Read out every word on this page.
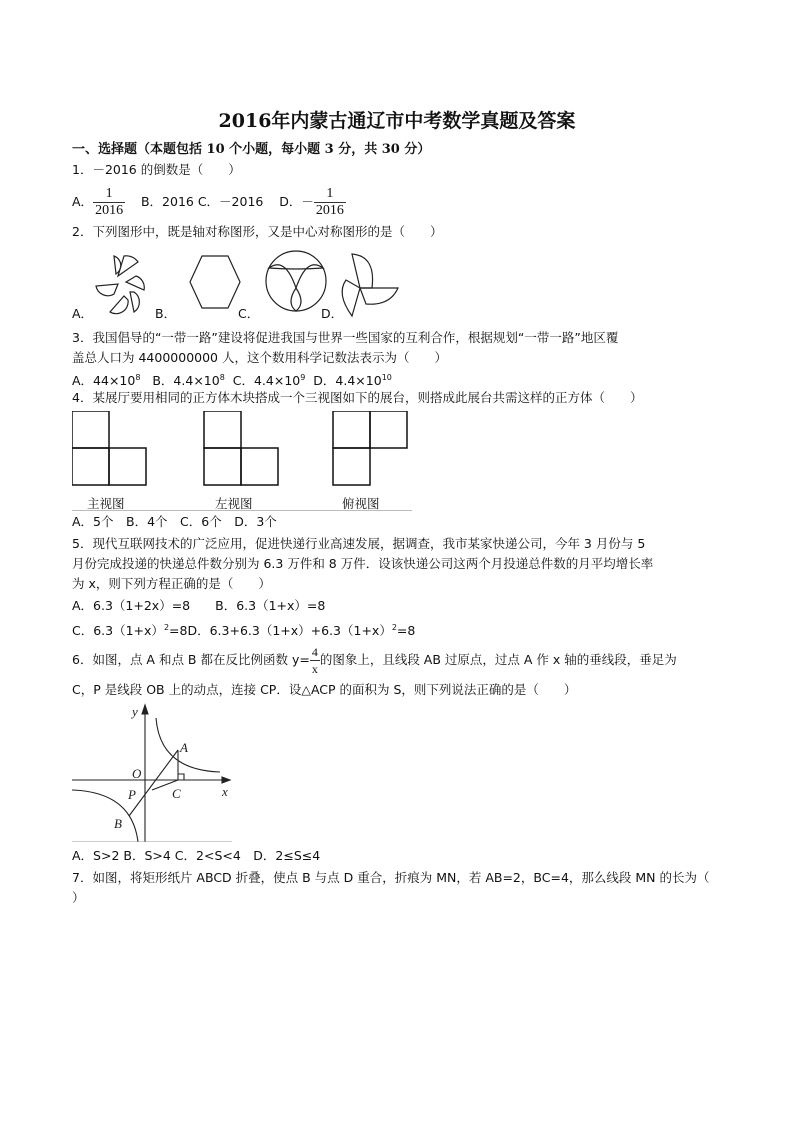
2016年内蒙古通辽市中考数学真题及答案
一、选择题（本题包括 10 个小题，每小题 3 分，共 30 分）
1．－2016 的倒数是（　　）
A． $\frac{1}{2016}$ B．2016 C．－2016 D．－ $\frac{1}{2016}$
2．下列图形中，既是轴对称图形，又是中心对称图形的是（　　）
A．	B．	C．	D．
3．我国倡导的“一带一路”建设将促进我国与世界一些国家的互利合作，根据规划“一带一路”地区覆
盖总人口为 4400000000 人，这个数用科学记数法表示为（　　）
A．$44\times 10^8$ B．$4.4\times 10^8$ C．$4.4\times 10^9$ D．$4.4\times 10^{10}$
4．某展厅要用相同的正方体木块搭成一个三视图如下的展台，则搭成此展台共需这样的正方体（　　）
主视图	左视图	俯视图
A．5个　B．4个　C．6个　D．3个
5．现代互联网技术的广泛应用，促进快递行业高速发展，据调查，我市某家快递公司，今年 3 月份与 5
月份完成投递的快递总件数分别为 6.3 万件和 8 万件．设该快递公司这两个月投递总件数的月平均增长率
为 x，则下列方程正确的是（　　）
A．6.3（1+2x）=8　　B．6.3（1+x）=8
C．$6.3(1+x)^2=8D$．$6.3+6.3(1+x)+6.3(1+x)^2=8$
6．如图，点 A 和点 B 都在反比例函数 $y= \frac{4}{x}$ 的图象上，且线段 AB 过原点，过点 A 作 x 轴的垂线段，垂足为
C，P 是线段 OB 上的动点，连接 CP．设△ACP 的面积为 S，则下列说法正确的是（　　）
y
x
O
A
P	C
B
A．S>2 B．S>4 C．2<S<4　D．2≤S≤4
7．如图，将矩形纸片 ABCD 折叠，使点 B 与点 D 重合，折痕为 MN，若 AB=2，BC=4，那么线段 MN 的长为（
）
